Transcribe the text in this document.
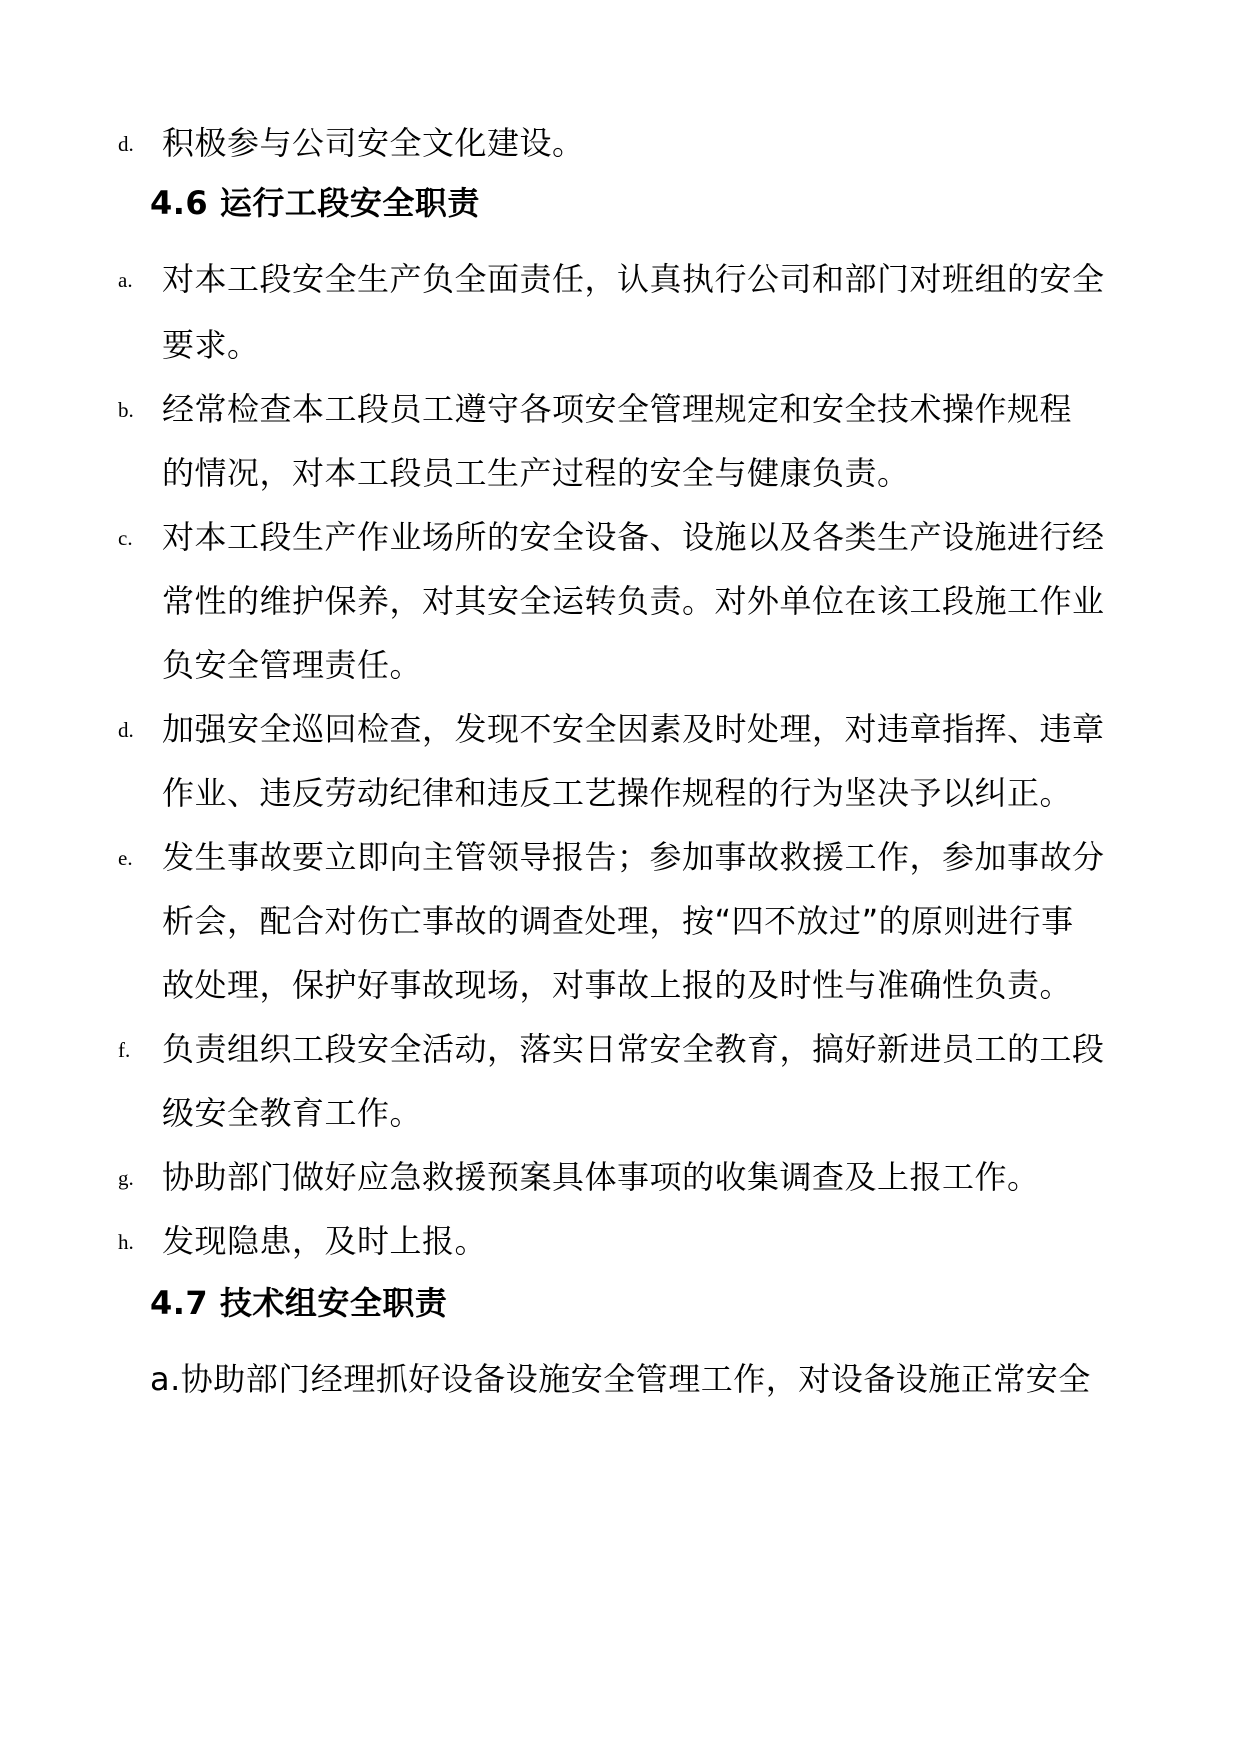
d. 积极参与公司安全文化建设。
4.6 运行工段安全职责
a. 对本工段安全生产负全面责任，认真执行公司和部门对班组的安全
要求。
b. 经常检查本工段员工遵守各项安全管理规定和安全技术操作规程
的情况，对本工段员工生产过程的安全与健康负责。
c. 对本工段生产作业场所的安全设备、设施以及各类生产设施进行经
常性的维护保养，对其安全运转负责。对外单位在该工段施工作业
负安全管理责任。
d. 加强安全巡回检查，发现不安全因素及时处理，对违章指挥、违章
作业、违反劳动纪律和违反工艺操作规程的行为坚决予以纠正。
e. 发生事故要立即向主管领导报告；参加事故救援工作，参加事故分
析会，配合对伤亡事故的调查处理，按“四不放过”的原则进行事
故处理，保护好事故现场，对事故上报的及时性与准确性负责。
f. 负责组织工段安全活动，落实日常安全教育，搞好新进员工的工段
级安全教育工作。
g. 协助部门做好应急救援预案具体事项的收集调查及上报工作。
h. 发现隐患，及时上报。
4.7 技术组安全职责
a.协助部门经理抓好设备设施安全管理工作，对设备设施正常安全
